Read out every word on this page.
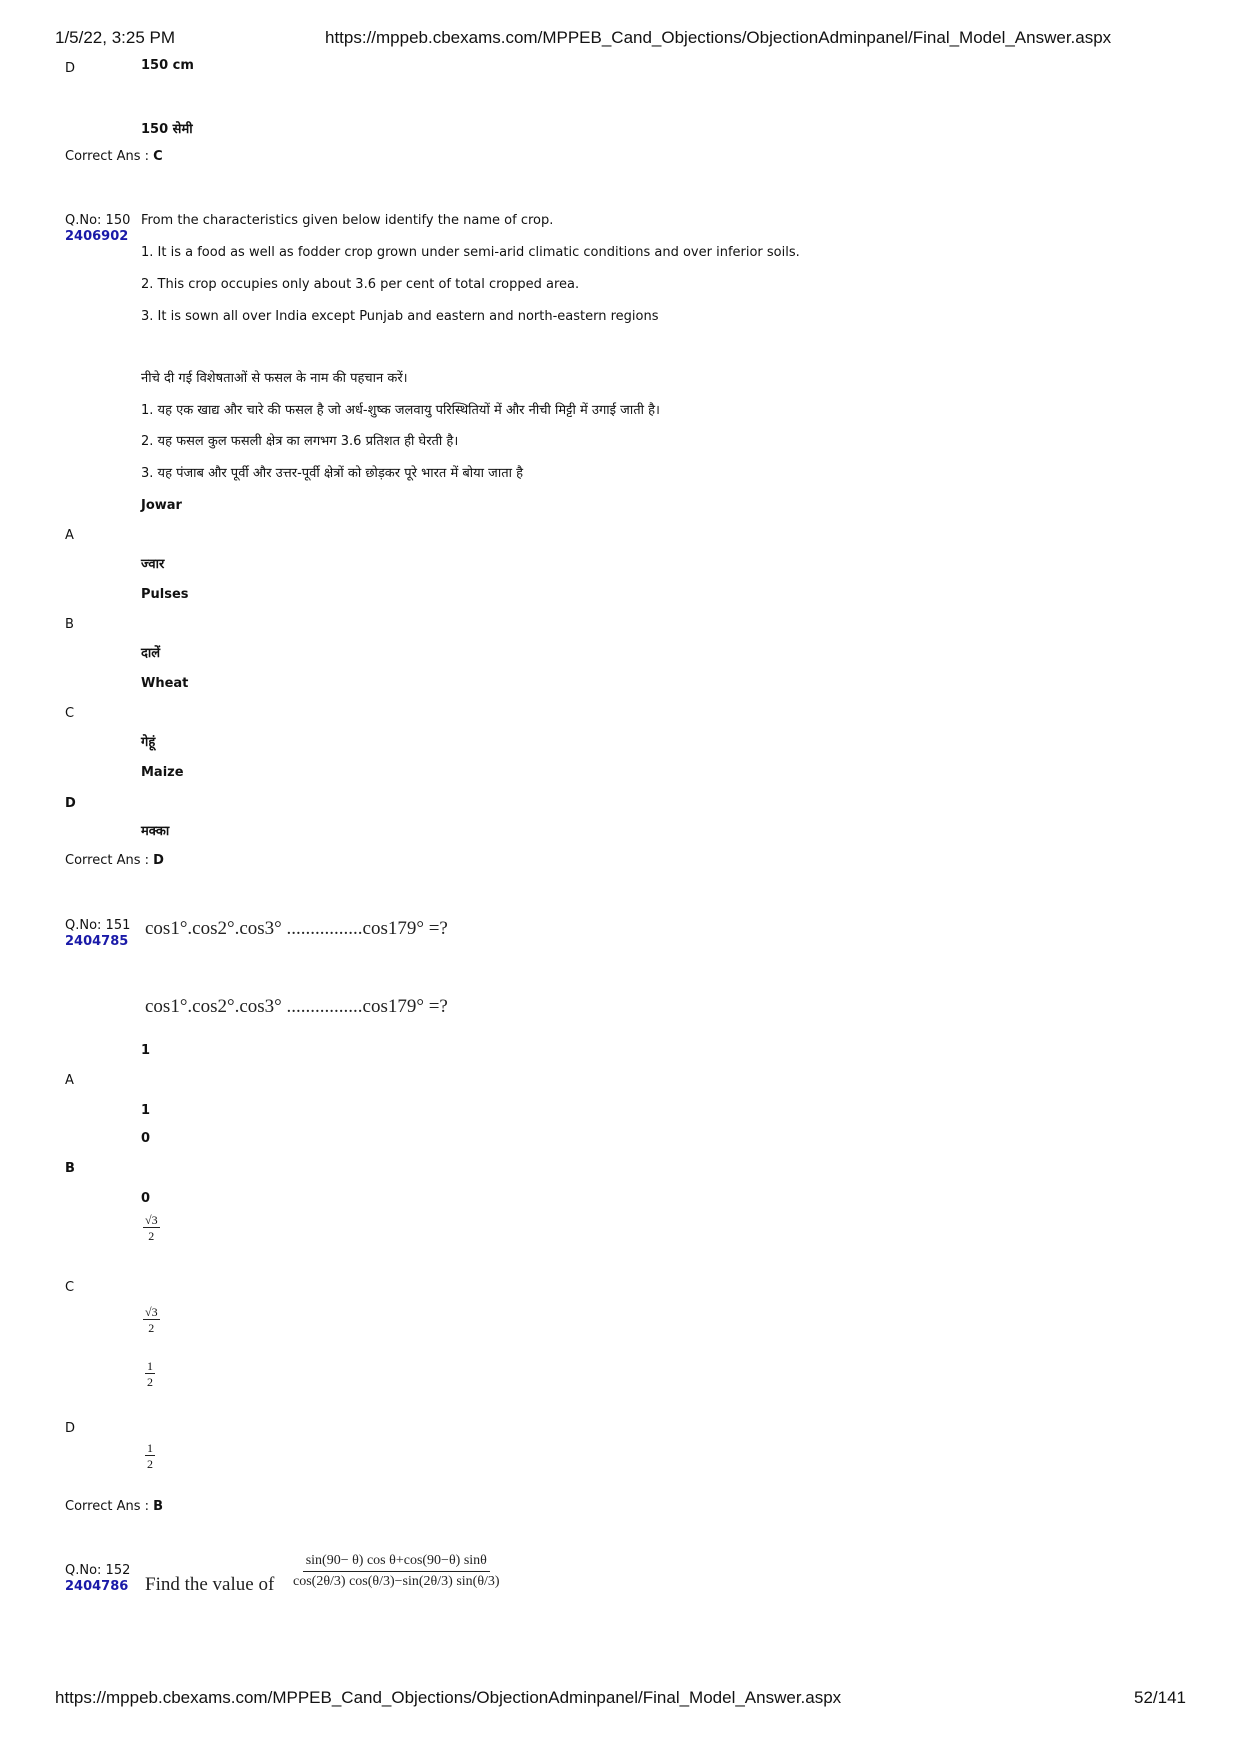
1/5/22, 3:25 PM	https://mppeb.cbexams.com/MPPEB_Cand_Objections/ObjectionAdminpanel/Final_Model_Answer.aspx
D	150 cm
150 सेमी
Correct Ans : C
Q.No: 150
2406902
From the characteristics given below identify the name of crop.
1. It is a food as well as fodder crop grown under semi-arid climatic conditions and over inferior soils.
2. This crop occupies only about 3.6 per cent of total cropped area.
3. It is sown all over India except Punjab and eastern and north-eastern regions
नीचे दी गई विशेषताओं से फसल के नाम की पहचान करें।
1. यह एक खाद्य और चारे की फसल है जो अर्ध-शुष्क जलवायु परिस्थितियों में और नीची मिट्टी में उगाई जाती है।
2. यह फसल कुल फसली क्षेत्र का लगभग 3.6 प्रतिशत ही घेरती है।
3. यह पंजाब और पूर्वी और उत्तर-पूर्वी क्षेत्रों को छोड़कर पूरे भारत में बोया जाता है
Jowar
A
ज्वार
Pulses
B
दालें
Wheat
C
गेहूं
Maize
D
मक्का
Correct Ans : D
Q.No: 151
2404785
cos1°.cos2°.cos3° ................cos179° =?
cos1°.cos2°.cos3° ................cos179° =?
1
A
1
0
B
0
$\frac{√3}{2}$
C
$\frac{√3}{2}$
$\frac{1}{2}$
D
$\frac{1}{2}$
Correct Ans : B
Q.No: 152
2404786 Find the value of $\frac{\text{sin(90− θ) cos θ+cos(90−θ) sinθ}}{\cos(2\theta/3) \cos(\theta/3)-\sin(2\theta/3) \sin(\theta/3)}$
https://mppeb.cbexams.com/MPPEB_Cand_Objections/ObjectionAdminpanel/Final_Model_Answer.aspx	52/141
